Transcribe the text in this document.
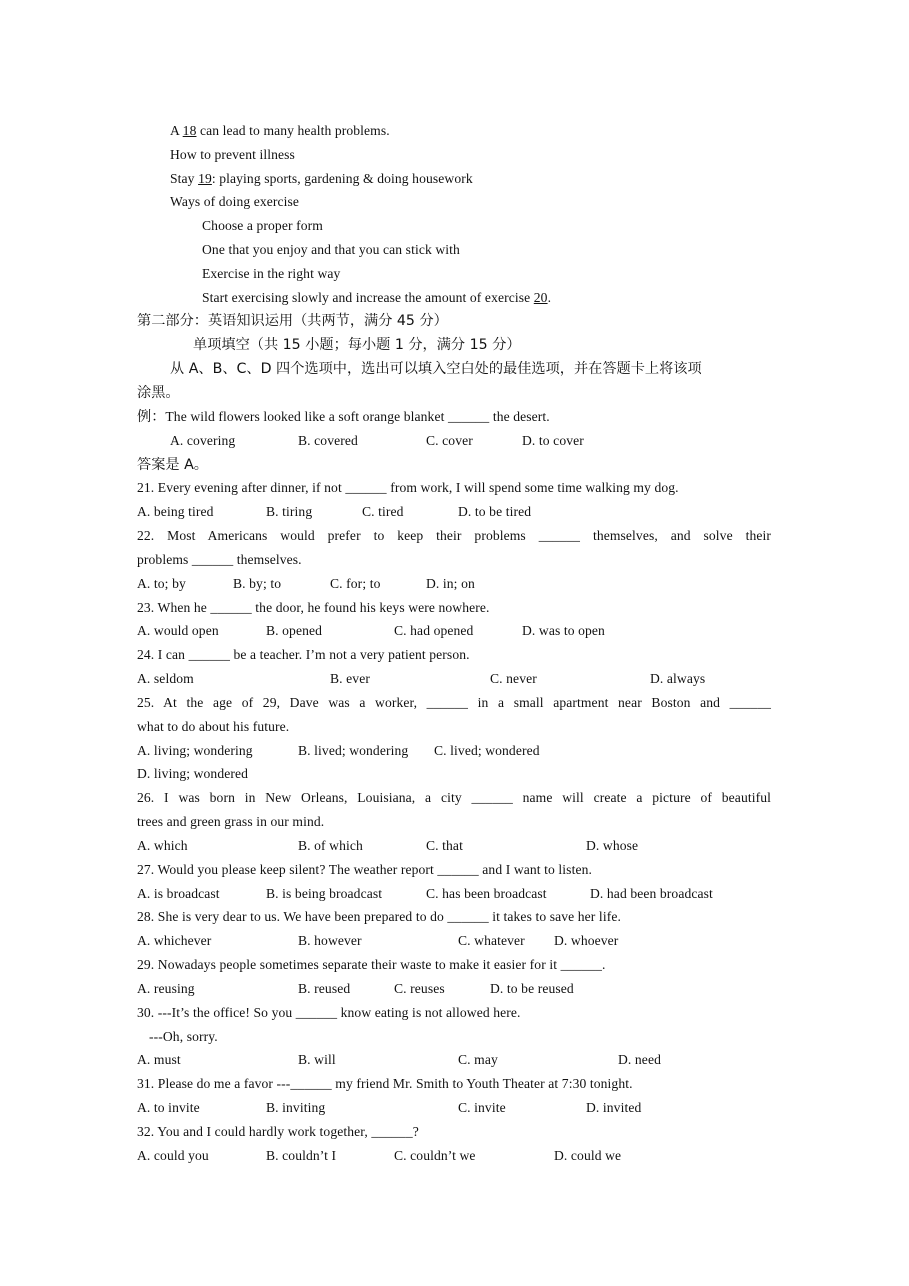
A 18 can lead to many health problems.
How to prevent illness
Stay 19: playing sports, gardening & doing housework
Ways of doing exercise
Choose a proper form
One that you enjoy and that you can stick with
Exercise in the right way
Start exercising slowly and increase the amount of exercise 20.
第二部分：英语知识运用（共两节，满分 45 分）
单项填空（共 15 小题；每小题 1 分，满分 15 分）
从 A、B、C、D 四个选项中，选出可以填入空白处的最佳选项，并在答题卡上将该项
涂黑。
例：The wild flowers looked like a soft orange blanket ______ the desert.
A. covering	B. covered	C. cover	D. to cover
答案是 A。
21. Every evening after dinner, if not ______ from work, I will spend some time walking my dog.
A. being tired	B. tiring	C. tired	D. to be tired
22. Most Americans would prefer to keep their problems ______ themselves, and solve their
problems ______ themselves.
A. to; by	B. by; to	C. for; to	D. in; on
23. When he ______ the door, he found his keys were nowhere.
A. would open	B. opened	C. had opened	D. was to open
24. I can ______ be a teacher. I’m not a very patient person.
A. seldom	B. ever	C. never	D. always
25. At the age of 29, Dave was a worker, ______ in a small apartment near Boston and ______
what to do about his future.
A. living; wondering	B. lived; wondering C. lived; wondered
D. living; wondered
26. I was born in New Orleans, Louisiana, a city ______ name will create a picture of beautiful
trees and green grass in our mind.
A. which	B. of which	C. that	D. whose
27. Would you please keep silent? The weather report ______ and I want to listen.
A. is broadcast	B. is being broadcast	C. has been broadcast	D. had been broadcast
28. She is very dear to us. We have been prepared to do ______ it takes to save her life.
A. whichever	B. however	C. whatever D. whoever
29. Nowadays people sometimes separate their waste to make it easier for it ______.
A. reusing	B. reused	C. reuses	D. to be reused
30. ---It’s the office! So you ______ know eating is not allowed here.
---Oh, sorry.
A. must	B. will	C. may	D. need
31. Please do me a favor ---______ my friend Mr. Smith to Youth Theater at 7:30 tonight.
A. to invite	B. inviting	C. invite	D. invited
32. You and I could hardly work together, ______?
A. could you	B. couldn’t I	C. couldn’t we	D. could we
